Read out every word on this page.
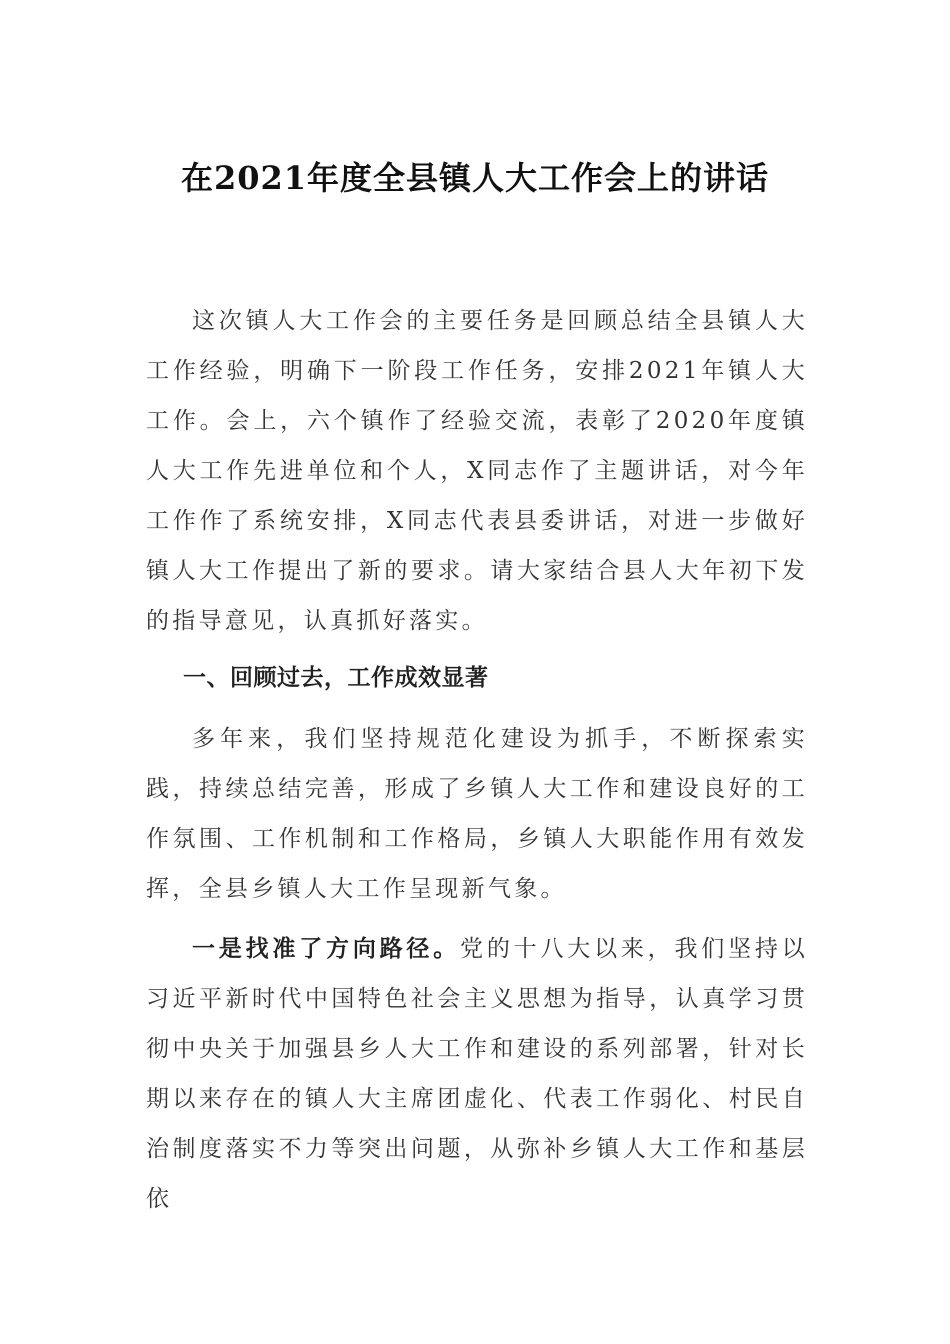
在2021年度全县镇人大工作会上的讲话

这次镇人大工作会的主要任务是回顾总结全县镇人大工作经验，明确下一阶段工作任务，安排2021年镇人大工作。会上，六个镇作了经验交流，表彰了2020年度镇人大工作先进单位和个人，X同志作了主题讲话，对今年工作作了系统安排，X同志代表县委讲话，对进一步做好镇人大工作提出了新的要求。请大家结合县人大年初下发的指导意见，认真抓好落实。

一、回顾过去，工作成效显著

多年来，我们坚持规范化建设为抓手，不断探索实践，持续总结完善，形成了乡镇人大工作和建设良好的工作氛围、工作机制和工作格局，乡镇人大职能作用有效发挥，全县乡镇人大工作呈现新气象。

一是找准了方向路径。党的十八大以来，我们坚持以习近平新时代中国特色社会主义思想为指导，认真学习贯彻中央关于加强县乡人大工作和建设的系列部署，针对长期以来存在的镇人大主席团虚化、代表工作弱化、村民自治制度落实不力等突出问题，从弥补乡镇人大工作和基层依
